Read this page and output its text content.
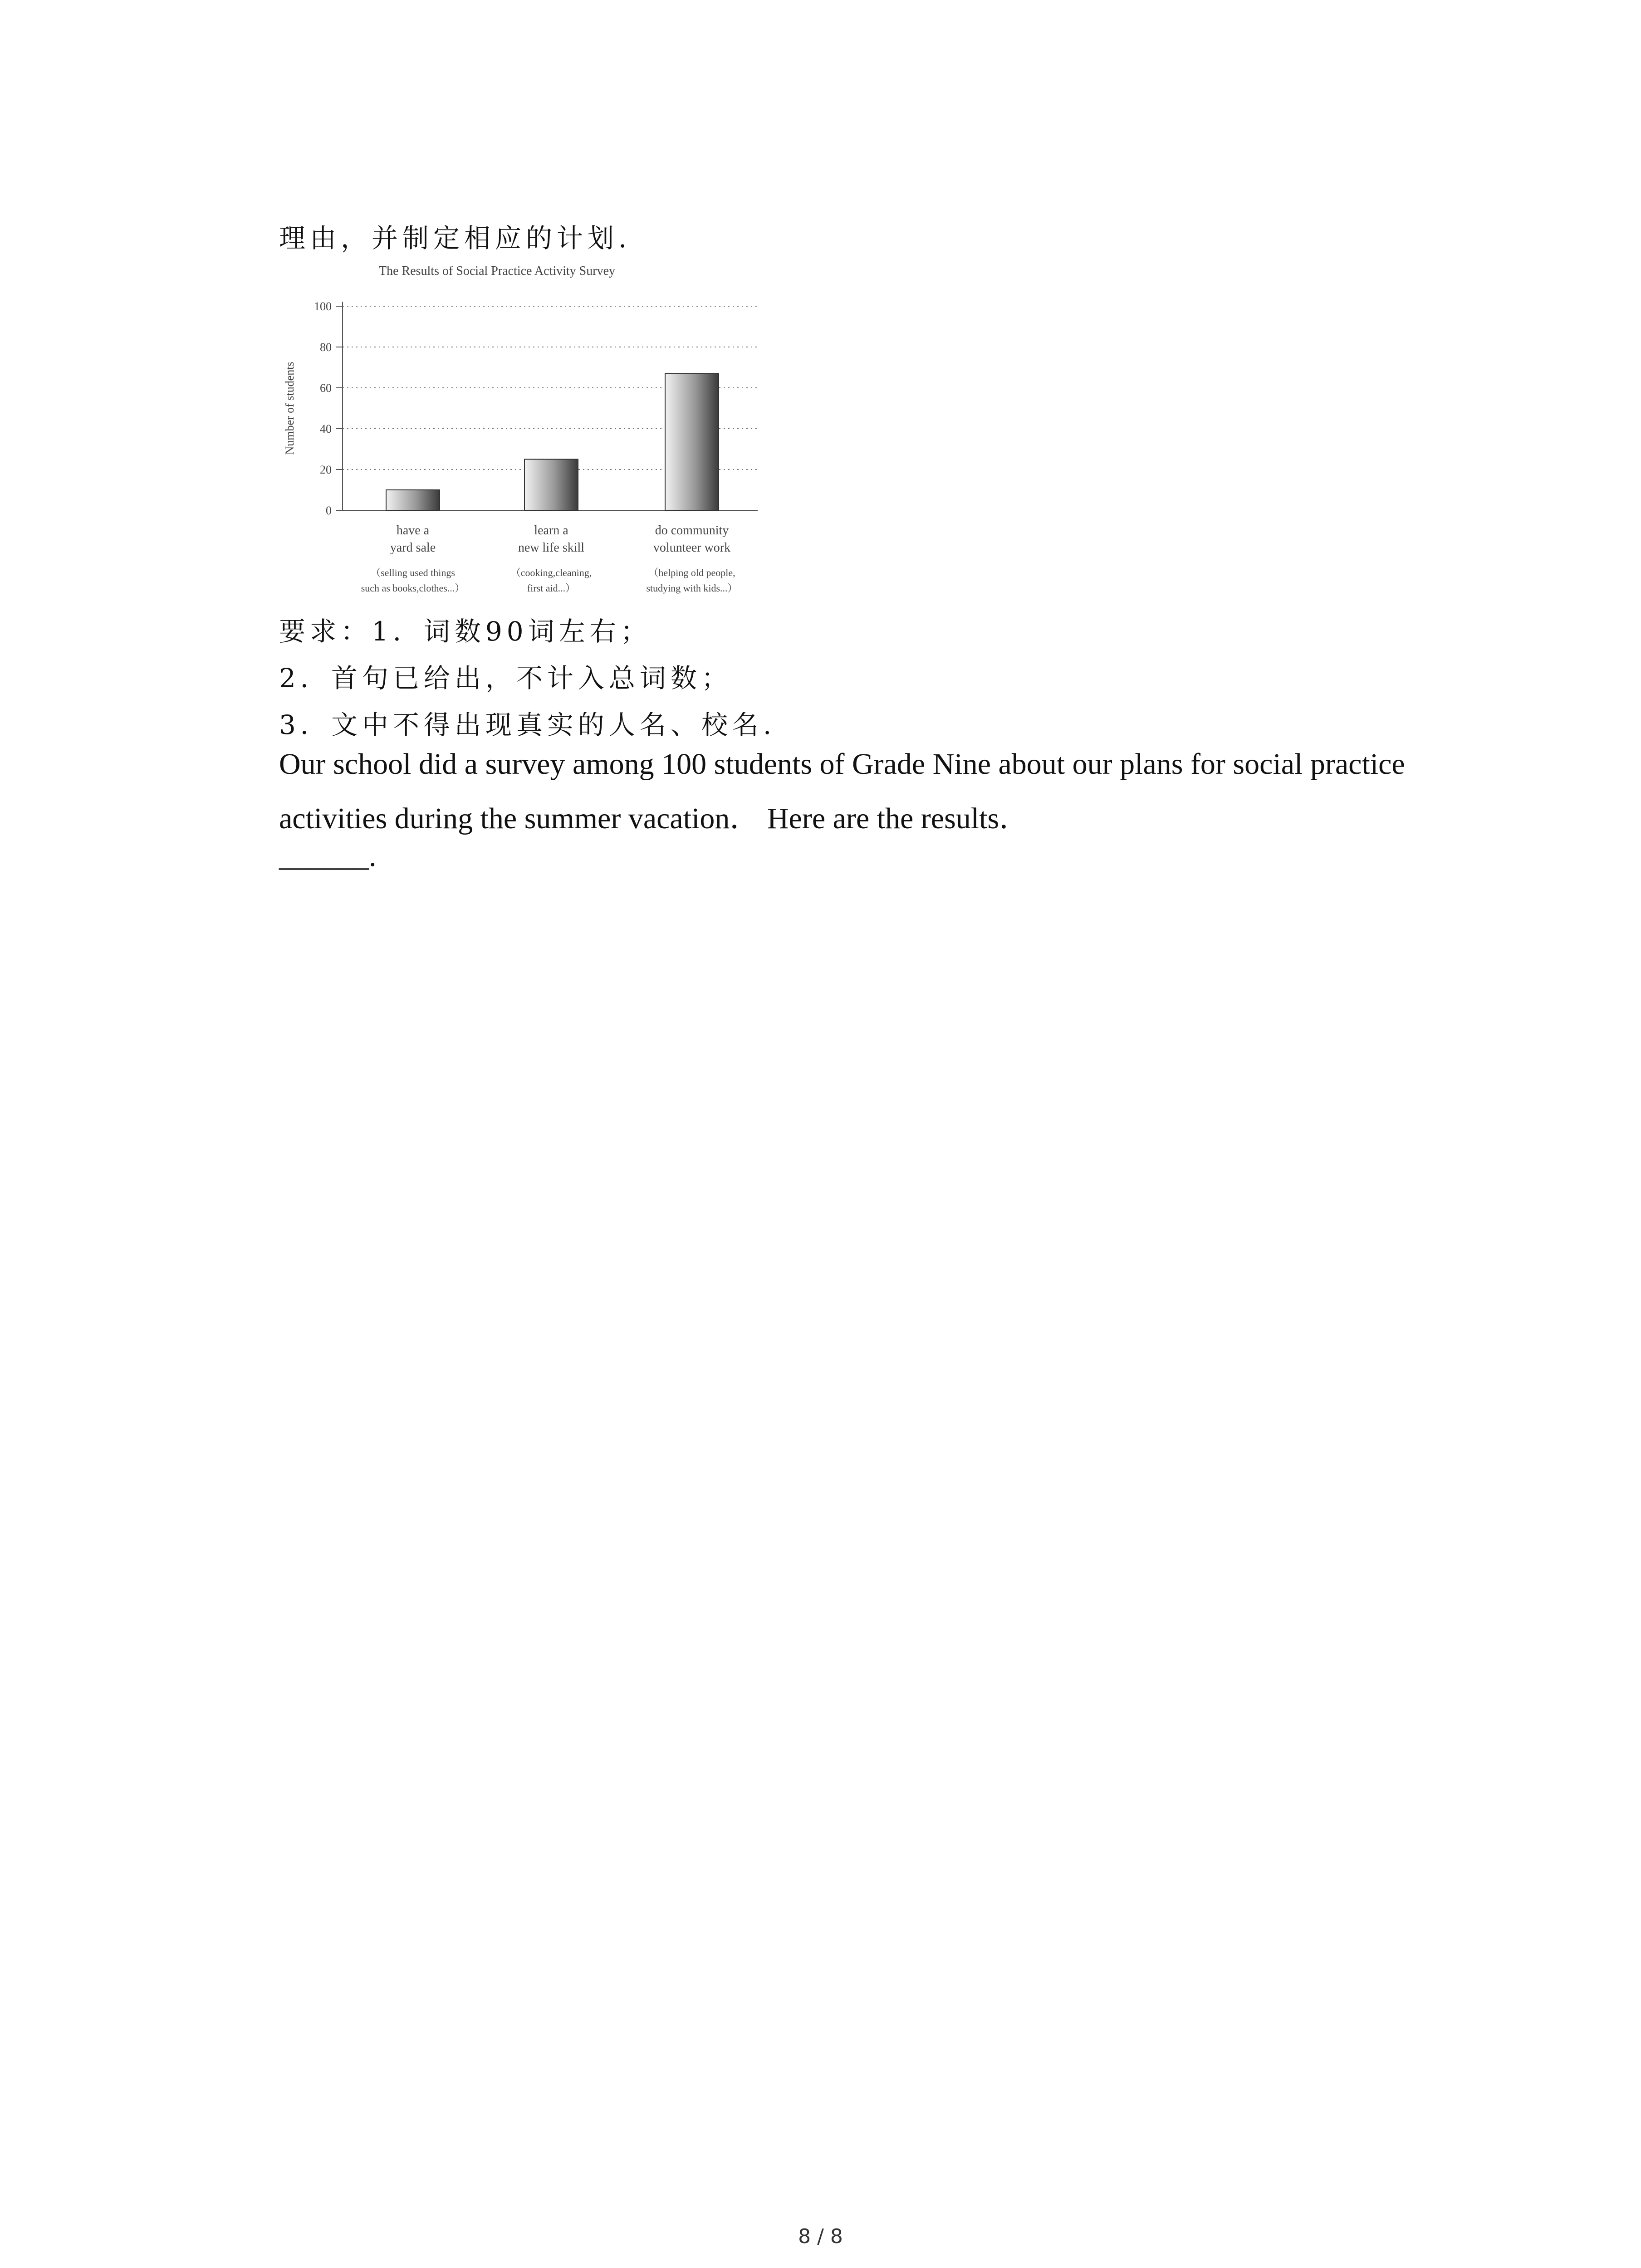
理由，并制定相应的计划.
The Results of Social Practice Activity Survey
0
20
40
60
80
100
Number of students
have a
yard sale
（selling used things
such as books,clothes...）
learn a
new life skill
（cooking,cleaning,
first aid...）
do community
volunteer work
（helping old people,
studying with kids...）
要求：1．词数90词左右；
2．首句已给出，不计入总词数；
3．文中不得出现真实的人名、校名.
Our school did a survey among 100 students of Grade Nine about our plans for social practice
activities during the summer vacation． Here are the results．
______.
8 / 8
